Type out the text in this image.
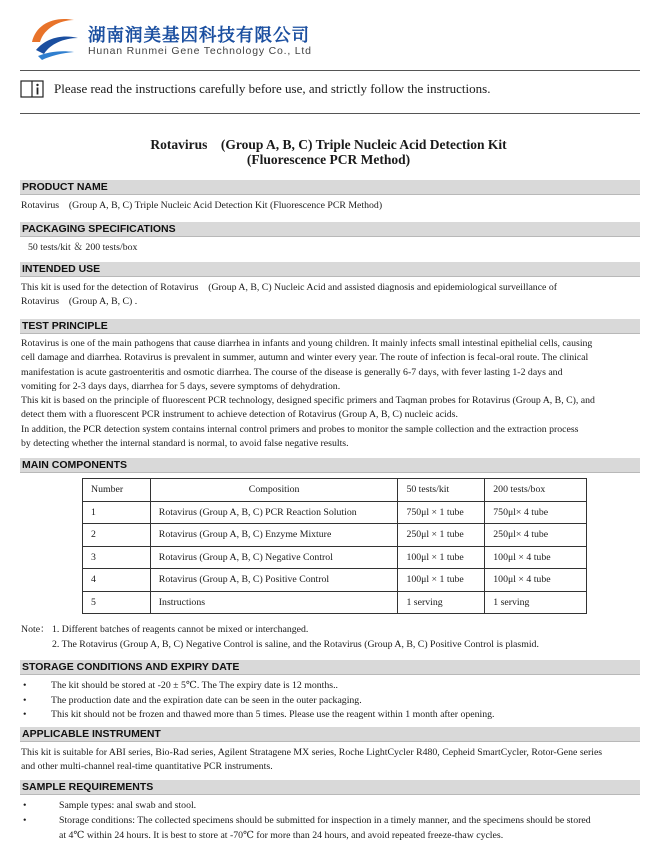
湖南润美基因科技有限公司
Hunan Runmei Gene Technology Co., Ltd
Please read the instructions carefully before use, and strictly follow the instructions.
Rotavirus　(Group A, B, C) Triple Nucleic Acid Detection Kit
(Fluorescence PCR Method)
PRODUCT NAME
Rotavirus　(Group A, B, C) Triple Nucleic Acid Detection Kit (Fluorescence PCR Method)
PACKAGING SPECIFICATIONS
50 tests/kit ＆ 200 tests/box
INTENDED USE
This kit is used for the detection of Rotavirus　(Group A, B, C) Nucleic Acid and assisted diagnosis and epidemiological surveillance of
Rotavirus　(Group A, B, C) .
TEST PRINCIPLE
Rotavirus is one of the main pathogens that cause diarrhea in infants and young children. It mainly infects small intestinal epithelial cells, causing
cell damage and diarrhea. Rotavirus is prevalent in summer, autumn and winter every year. The route of infection is fecal-oral route. The clinical
manifestation is acute gastroenteritis and osmotic diarrhea. The course of the disease is generally 6-7 days, with fever lasting 1-2 days and
vomiting for 2-3 days days, diarrhea for 5 days, severe symptoms of dehydration.
This kit is based on the principle of fluorescent PCR technology, designed specific primers and Taqman probes for Rotavirus (Group A, B, C), and
detect them with a fluorescent PCR instrument to achieve detection of Rotavirus (Group A, B, C) nucleic acids.
In addition, the PCR detection system contains internal control primers and probes to monitor the sample collection and the extraction process
by detecting whether the internal standard is normal, to avoid false negative results.
MAIN COMPONENTS
Number	Composition	50 tests/kit	200 tests/box
1	Rotavirus (Group A, B, C) PCR Reaction Solution	750μl × 1 tube	750μl× 4 tube
2	Rotavirus (Group A, B, C) Enzyme Mixture	250μl × 1 tube	250μl× 4 tube
3	Rotavirus (Group A, B, C) Negative Control	100μl × 1 tube	100μl × 4 tube
4	Rotavirus (Group A, B, C) Positive Control	100μl × 1 tube	100μl × 4 tube
5	Instructions	1 serving	1 serving
Note： 1. Different batches of reagents cannot be mixed or interchanged.
2. The Rotavirus (Group A, B, C) Negative Control is saline, and the Rotavirus (Group A, B, C) Positive Control is plasmid.
STORAGE CONDITIONS AND EXPIRY DATE
•	The kit should be stored at -20 ± 5℃. The The expiry date is 12 months..
•	The production date and the expiration date can be seen in the outer packaging.
•	This kit should not be frozen and thawed more than 5 times. Please use the reagent within 1 month after opening.
APPLICABLE INSTRUMENT
This kit is suitable for ABI series, Bio-Rad series, Agilent Stratagene MX series, Roche LightCycler R480, Cepheid SmartCycler, Rotor-Gene series
and other multi-channel real-time quantitative PCR instruments.
SAMPLE REQUIREMENTS
•	Sample types: anal swab and stool.
•	Storage conditions: The collected specimens should be submitted for inspection in a timely manner, and the specimens should be stored
at 4℃ within 24 hours. It is best to store at -70℃ for more than 24 hours, and avoid repeated freeze-thaw cycles.
